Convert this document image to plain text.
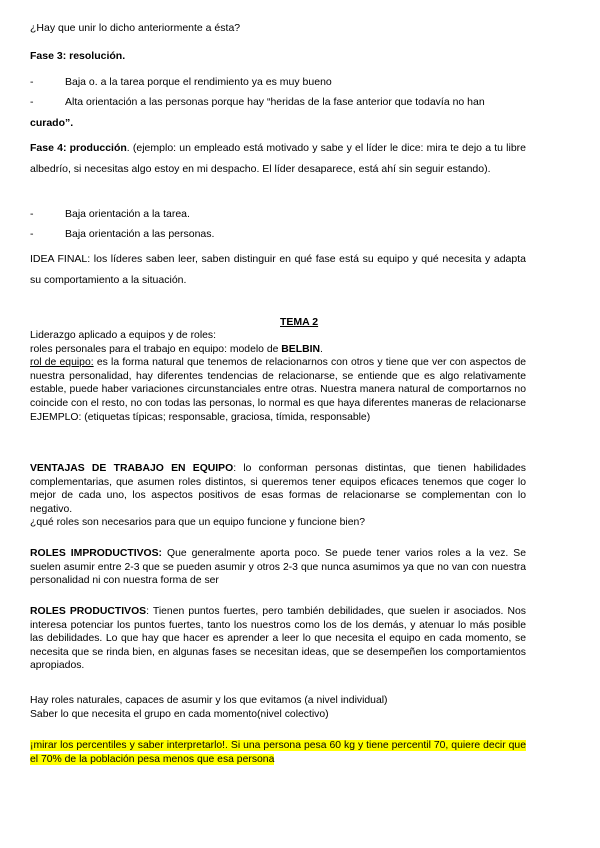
¿Hay que unir lo dicho anteriormente a ésta?

Fase 3: resolución.

-	Baja o. a la tarea porque el rendimiento ya es muy bueno
-	Alta orientación a las personas porque hay “heridas de la fase anterior que todavía no han

curado”.

Fase 4: producción. (ejemplo: un empleado está motivado y sabe y el líder le dice: mira te dejo a tu libre albedrío, si necesitas algo estoy en mi despacho. El líder desaparece, está ahí sin seguir estando).

-	Baja orientación a la tarea.
-	Baja orientación a las personas.

IDEA FINAL: los líderes saben leer, saben distinguir en qué fase está su equipo y qué necesita y adapta su comportamiento a la situación.

TEMA 2
Liderazgo aplicado a equipos y de roles:
roles personales para el trabajo en equipo: modelo de BELBIN.
rol de equipo: es la forma natural que tenemos de relacionarnos con otros y tiene que ver con aspectos de nuestra personalidad, hay diferentes tendencias de relacionarse, se entiende que es algo relativamente estable, puede haber variaciones circunstanciales entre otras. Nuestra manera natural de comportarnos no coincide con el resto, no con todas las personas, lo normal es que haya diferentes maneras de relacionarse EJEMPLO: (etiquetas típicas; responsable, graciosa, tímida, responsable)
VENTAJAS DE TRABAJO EN EQUIPO: lo conforman personas distintas, que tienen habilidades complementarias, que asumen roles distintos, si queremos tener equipos eficaces tenemos que coger lo mejor de cada uno, los aspectos positivos de esas formas de relacionarse se complementan con lo negativo.
¿qué roles son necesarios para que un equipo funcione y funcione bien?

ROLES IMPRODUCTIVOS: Que generalmente aporta poco. Se puede tener varios roles a la vez. Se suelen asumir entre 2-3 que se pueden asumir y otros 2-3 que nunca asumimos ya que no van con nuestra personalidad ni con nuestra forma de ser

ROLES PRODUCTIVOS: Tienen puntos fuertes, pero también debilidades, que suelen ir asociados. Nos interesa potenciar los puntos fuertes, tanto los nuestros como los de los demás, y atenuar lo más posible las debilidades. Lo que hay que hacer es aprender a leer lo que necesita el equipo en cada momento, se necesita que se rinda bien, en algunas fases se necesitan ideas, que se desempeñen los comportamientos apropiados.

Hay roles naturales, capaces de asumir y los que evitamos (a nivel individual)
Saber lo que necesita el grupo en cada momento(nivel colectivo)

¡mirar los percentiles y saber interpretarlo!. Si una persona pesa 60 kg y tiene percentil 70, quiere decir que el 70% de la población pesa menos que esa persona
